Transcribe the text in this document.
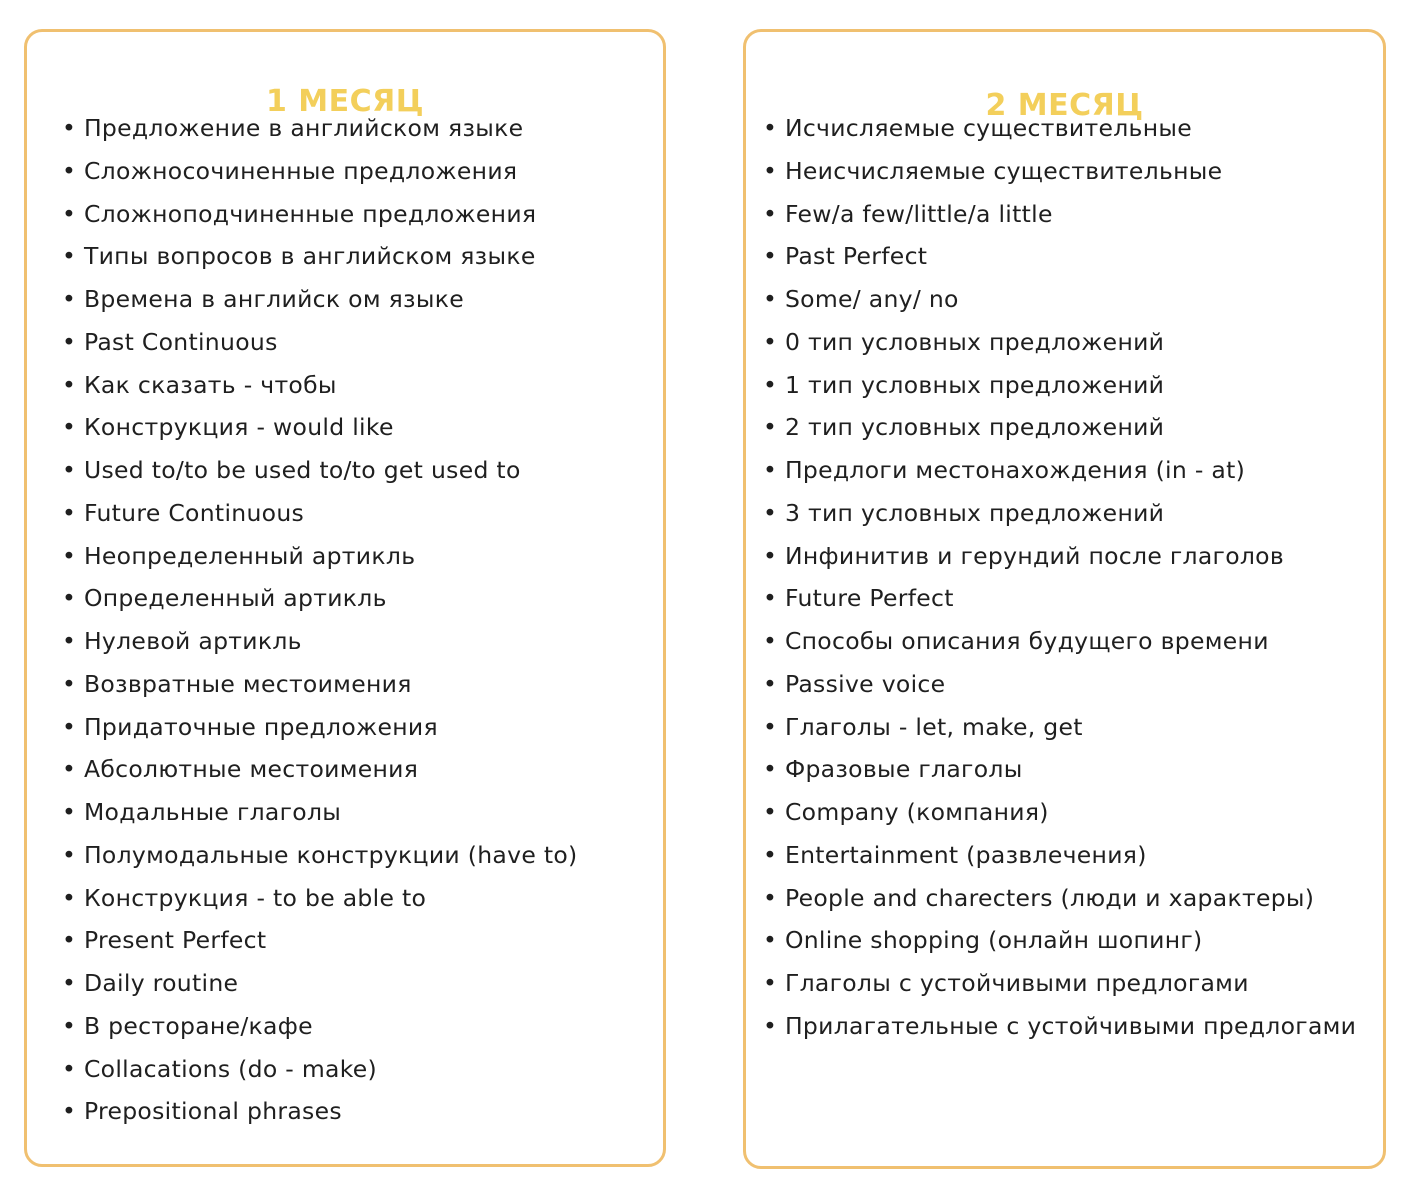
1 МЕСЯЦ
• Предложение в английском языке
• Сложносочиненные предложения
• Сложноподчиненные предложения
• Типы вопросов в английском языке
• Времена в английск ом языке
• Past Continuous
• Как сказать - чтобы
• Конструкция - would like
• Used to/to be used to/to get used to
• Future Continuous
• Неопределенный артикль
• Определенный артикль
• Нулевой артикль
• Возвратные местоимения
• Придаточные предложения
• Абсолютные местоимения
• Модальные глаголы
• Полумодальные конструкции (have to)
• Конструкция - to be able to
• Present Perfect
• Daily routine
• В ресторане/кафе
• Collacations (do - make)
• Prepositional phrases
2 МЕСЯЦ
• Исчисляемые существительные
• Неисчисляемые существительные
• Few/a few/little/a little
• Past Perfect
• Some/ any/ no
• 0 тип условных предложений
• 1 тип условных предложений
• 2 тип условных предложений
• Предлоги местонахождения (in - at)
• 3 тип условных предложений
• Инфинитив и герундий после глаголов
• Future Perfect
• Способы описания будущего времени
• Passive voice
• Глаголы - let, make, get
• Фразовые глаголы
• Company (компания)
• Entertainment (развлечения)
• People and charecters (люди и характеры)
• Online shopping (онлайн шопинг)
• Глаголы с устойчивыми предлогами
• Прилагательные с устойчивыми предлогами
